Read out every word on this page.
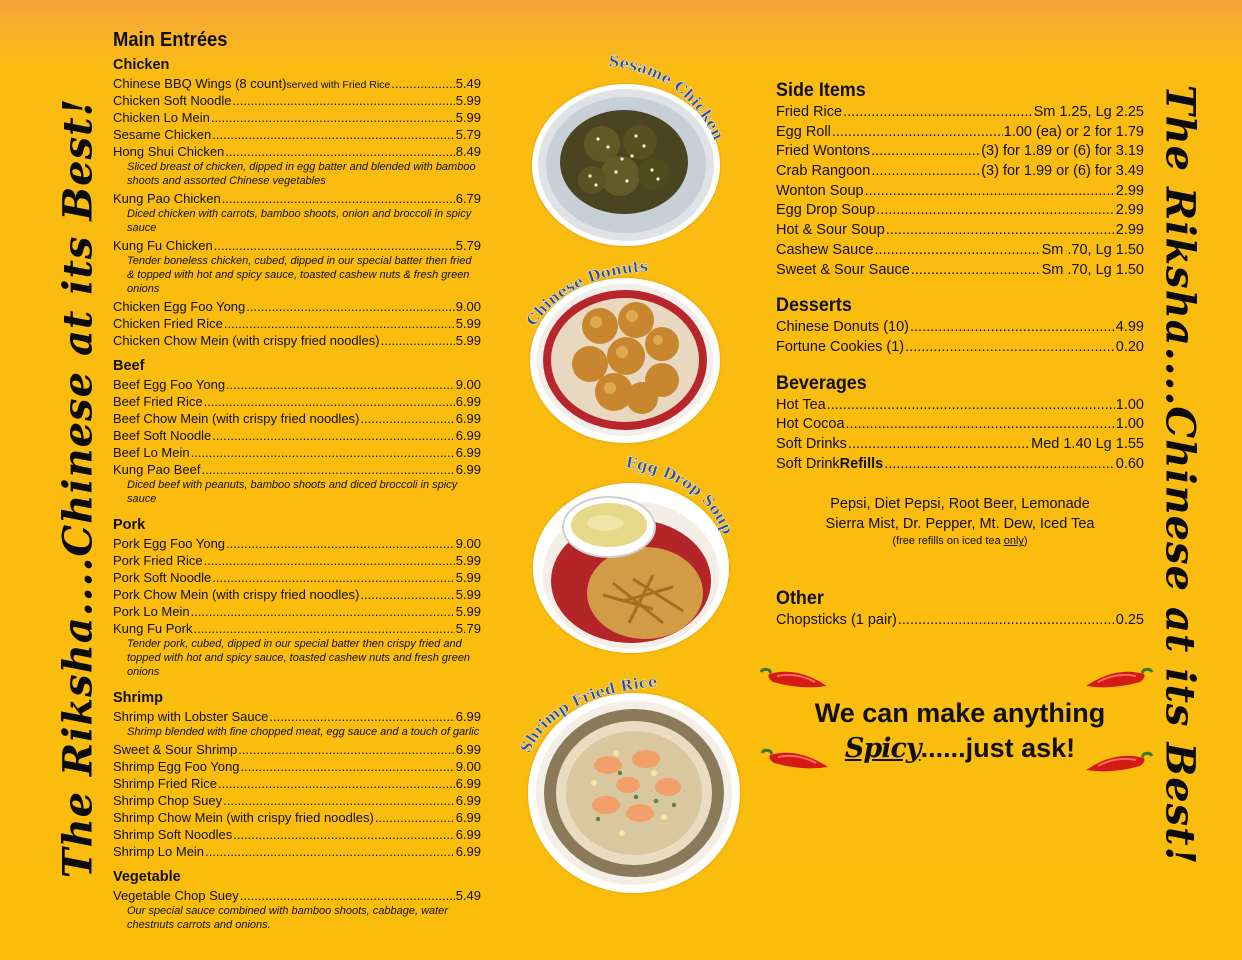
The Riksha....Chinese at its Best!	The Riksha....Chinese at its Best!
Main Entrées
Chicken
Chinese BBQ Wings (8 count) served with Fried Rice .....	5.49
Chicken Soft Noodle .....	5.99
Chicken Lo Mein .....	5.99
Sesame Chicken .....	5.79
Hong Shui Chicken .....	8.49
Sliced breast of chicken, dipped in egg batter and blended with bamboo shoots and assorted Chinese vegetables
Kung Pao Chicken .....	6.79
Diced chicken with carrots, bamboo shoots, onion and broccoli in spicy sauce
Kung Fu Chicken .....	5.79
Tender boneless chicken, cubed, dipped in our special batter then fried & topped with hot and spicy sauce, toasted cashew nuts & fresh green onions
Chicken Egg Foo Yong .....	9.00
Chicken Fried Rice .....	5.99
Chicken Chow Mein (with crispy fried noodles) .....	5.99
Beef
Beef Egg Foo Yong .....	9.00
Beef Fried Rice .....	6.99
Beef Chow Mein (with crispy fried noodles) .....	6.99
Beef Soft Noodle .....	6.99
Beef Lo Mein .....	6.99
Kung Pao Beef .....	6.99
Diced beef with peanuts, bamboo shoots and diced broccoli in spicy sauce
Pork
Pork Egg Foo Yong .....	9.00
Pork Fried Rice .....	5.99
Pork Soft Noodle .....	5.99
Pork Chow Mein (with crispy fried noodles) .....	5.99
Pork Lo Mein .....	5.99
Kung Fu Pork .....	5.79
Tender pork, cubed, dipped in our special batter then crispy fried and topped with hot and spicy sauce, toasted cashew nuts and fresh green onions
Shrimp
Shrimp with Lobster Sauce .....	6.99
Shrimp blended with fine chopped meat, egg sauce and a touch of garlic
Sweet & Sour Shrimp .....	6.99
Shrimp Egg Foo Yong .....	9.00
Shrimp Fried Rice .....	6.99
Shrimp Chop Suey .....	6.99
Shrimp Chow Mein (with crispy fried noodles) .....	6.99
Shrimp Soft Noodles .....	6.99
Shrimp Lo Mein .....	6.99
Vegetable
Vegetable Chop Suey .....	5.49
Our special sauce combined with bamboo shoots, cabbage, water chestnuts carrots and onions.
Sesame Chicken
Chinese Donuts
Egg Drop Soup
Shrimp Fried Rice
Side Items
Fried Rice .....	Sm 1.25, Lg 2.25
Egg Roll .....	1.00 (ea) or 2 for 1.79
Fried Wontons .....	(3) for 1.89 or (6) for 3.19
Crab Rangoon .....	(3) for 1.99 or (6) for 3.49
Wonton Soup .....	2.99
Egg Drop Soup .....	2.99
Hot & Sour Soup .....	2.99
Cashew Sauce .....	Sm .70, Lg 1.50
Sweet & Sour Sauce .....	Sm .70, Lg 1.50
Desserts
Chinese Donuts (10) .....	4.99
Fortune Cookies (1) .....	0.20
Beverages
Hot Tea .....	1.00
Hot Cocoa .....	1.00
Soft Drinks .....	Med 1.40 Lg 1.55
Soft Drink Refills .....	0.60
Pepsi, Diet Pepsi, Root Beer, Lemonade
Sierra Mist, Dr. Pepper, Mt. Dew, Iced Tea
(free refills on iced tea only)
Other
Chopsticks (1 pair) .....	0.25
We can make anything
Spicy......just ask!
